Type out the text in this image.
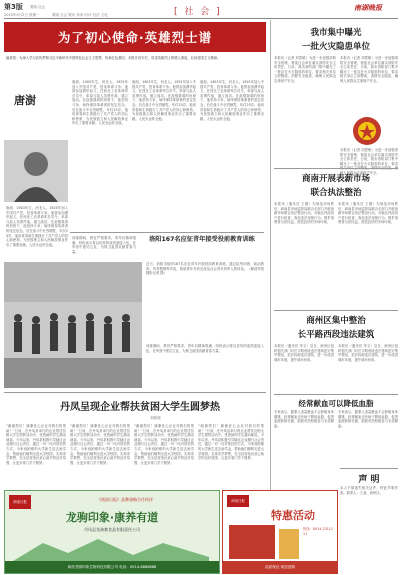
第3版 要闻·社会
2019年9月2日 星期一	要闻 社会 娱乐 体育 时评 经济 文化	[ 社 会 ]	南湖晚报
为了初心使命·英雄烈士谱
编者按：为深入学习宣传贯彻习近平新时代中国特色社会主义思想，传承红色基因，本报开设专栏，讲述英雄烈士的感人事迹，弘扬爱国主义精神。
唐澍
唐澍，1903年生，河北人。1925年加入中国共产党，投身革命斗争。他曾参加渭华起义，任西北工农革命军总司令，率部与敌人英勇作战，屡立战功。在敌强我弱的形势下，他坚持斗争，始终保持革命者的坚定信念。后在战斗中壮烈牺牲，年仅25岁。他用青春和生命践行了共产党人的初心和使命，为民族独立和人民解放事业作出了重要贡献。人民永远怀念他。
唐澍，1903年生，河北人。1925年加入中国共产党，投身革命斗争。他曾参加渭华起义，任西北工农革命军总司令，率部与敌人英勇作战，屡立战功。在敌强我弱的形势下，他坚持斗争，始终保持革命者的坚定信念。后在战斗中壮烈牺牲，年仅25岁。他用青春和生命践行了共产党人的初心和使命，为民族独立和人民解放事业作出了重要贡献。人民永远怀念他。
唐澍，1903年生，河北人。1925年加入中国共产党，投身革命斗争。他曾参加渭华起义，任西北工农革命军总司令，率部与敌人英勇作战，屡立战功。在敌强我弱的形势下，他坚持斗争，始终保持革命者的坚定信念。后在战斗中壮烈牺牲，年仅25岁。他用青春和生命践行了共产党人的初心和使命，为民族独立和人民解放事业作出了重要贡献。人民永远怀念他。
唐澍，1903年生，河北人。1925年加入中国共产党，投身革命斗争。他曾参加渭华起义，任西北工农革命军总司令，率部与敌人英勇作战，屡立战功。在敌强我弱的形势下，他坚持斗争，始终保持革命者的坚定信念。后在战斗中壮烈牺牲，年仅25岁。他用青春和生命践行了共产党人的初心和使命，为民族独立和人民解放事业作出了重要贡献。人民永远怀念他。
洛阳167名应征青年接受役前教育训练
训练期间，教官严格要求，青年们精神饱满，纷纷表示将以优异的成绩迎接入伍，在军营中建功立业，为保卫祖国贡献青春力量。
近日，洛阳市组织167名应征青年开展役前教育训练，通过队列训练、政治教育、内务整理等内容，帮助青年尽快完成从社会青年到军人的转变。（解放军报 摄影记者 摄）
训练期间，教官严格要求，青年们精神饱满，纷纷表示将以优异的成绩迎接入伍，在军营中建功立业，为保卫祖国贡献青春力量。
丹凤呈现企业帮扶贫困大学生圆梦热
刘新瑞
“谢谢您们！谢谢爱心企业对我们的帮助！”日前，在丹凤县举行的企业帮扶贫困大学生圆梦活动中，受资助的学生激动地说。今年以来，丹凤县积极引导辖区企业履行社会责任，通过一对一结对帮扶的方式，为家庭困难的大学新生送去助学金，帮助他们顺利走进大学校园，实现求学梦想，在全县营造出爱心助学的良好氛围，让更多寒门学子圆梦。
“谢谢您们！谢谢爱心企业对我们的帮助！”日前，在丹凤县举行的企业帮扶贫困大学生圆梦活动中，受资助的学生激动地说。今年以来，丹凤县积极引导辖区企业履行社会责任，通过一对一结对帮扶的方式，为家庭困难的大学新生送去助学金，帮助他们顺利走进大学校园，实现求学梦想，在全县营造出爱心助学的良好氛围，让更多寒门学子圆梦。
“谢谢您们！谢谢爱心企业对我们的帮助！”日前，在丹凤县举行的企业帮扶贫困大学生圆梦活动中，受资助的学生激动地说。今年以来，丹凤县积极引导辖区企业履行社会责任，通过一对一结对帮扶的方式，为家庭困难的大学新生送去助学金，帮助他们顺利走进大学校园，实现求学梦想，在全县营造出爱心助学的良好氛围，让更多寒门学子圆梦。
“谢谢您们！谢谢爱心企业对我们的帮助！”日前，在丹凤县举行的企业帮扶贫困大学生圆梦活动中，受资助的学生激动地说。今年以来，丹凤县积极引导辖区企业履行社会责任，通过一对一结对帮扶的方式，为家庭困难的大学新生送去助学金，帮助他们顺利走进大学校园，实现求学梦想，在全县营造出爱心助学的良好氛围，让更多寒门学子圆梦。
我市集中曝光
一批火灾隐患单位
本报讯（记者 刘思敏）为进一步加强消防安全管理，督促社会单位落实消防安全主体责任，日前，我市消防部门集中曝光了一批存在火灾隐患的单位，要求相关单位立即整改，消除安全隐患，确保人民群众生命财产安全。
本报讯（记者 刘思敏）为进一步加强消防安全管理，督促社会单位落实消防安全主体责任，日前，我市消防部门集中曝光了一批存在火灾隐患的单位，要求相关单位立即整改，消除安全隐患，确保人民群众生命财产安全。
本报讯（记者 刘思敏）为进一步加强消防安全管理，督促社会单位落实消防安全主体责任，日前，我市消防部门集中曝光了一批存在火灾隐患的单位，要求相关单位立即整改，消除安全隐患，确保人民群众生命财产安全。
商南开展表薪市场
联合执法整治
本报讯（通讯员 王健）为规范市场秩序，商南县市场监管局联合多部门开展表薪市场联合执法整治行动，对辖区内经营户进行检查，查处违法违规行为，维护消费者合法权益，营造良好的市场环境。
本报讯（通讯员 王健）为规范市场秩序，商南县市场监管局联合多部门开展表薪市场联合执法整治行动，对辖区内经营户进行检查，查处违法违规行为，维护消费者合法权益，营造良好的市场环境。
商州区集中整治
长平路西段违法建筑
本报讯（通讯员 李文）近日，商州区组织相关部门对长平路西段违法建筑进行集中整治，依法拆除违法建筑，进一步改善城市环境，提升城市形象。
本报讯（通讯员 李文）近日，商州区组织相关部门对长平路西段违法建筑进行集中整治，依法拆除违法建筑，进一步改善城市环境，提升城市形象。
经常献血可以降低血脂
专家表示，健康人适量献血不会影响身体健康，经常献血还有助于降低血脂，促进血液新陈代谢，鼓励市民积极参与无偿献血。
专家表示，健康人适量献血不会影响身体健康，经常献血还有助于降低血脂，促进血液新陈代谢，鼓励市民积极参与无偿献血。
声 明
本人不慎遗失相关证件，特此声明作废。联系人：王某，商州区。
商洛日报	《商洛日报》品牌战略合作伙伴
龙驹印象·康养有道
丹凤县龙驹寨食品有限责任公司
商洛龙驹印象生物科技有限公司 电话：0914-8888888
商洛日报
特惠活动
热线：0914-2311111
品质保证 欢迎选购
